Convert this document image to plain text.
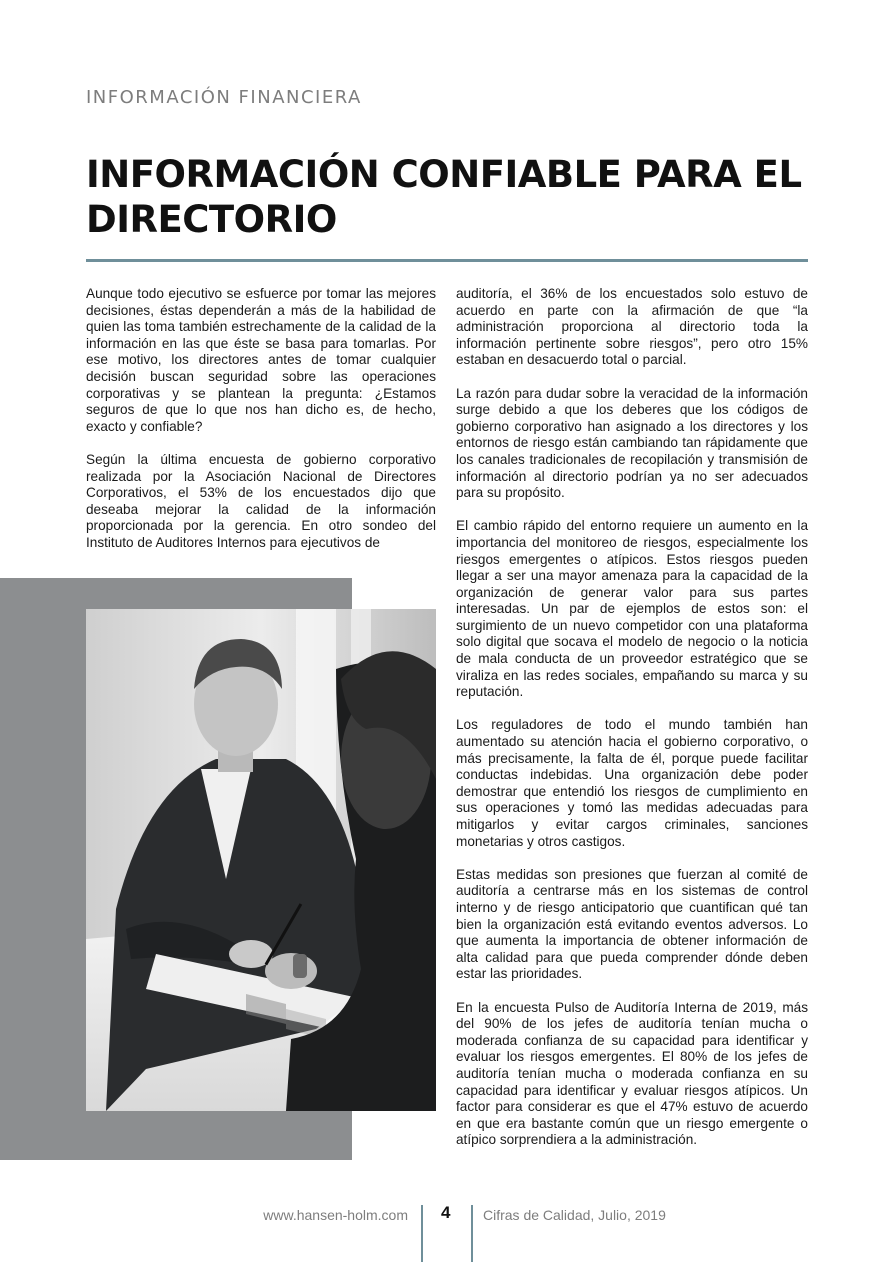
INFORMACIÓN FINANCIERA
INFORMACIÓN CONFIABLE PARA EL DIRECTORIO

Aunque todo ejecutivo se esfuerce por tomar las mejores decisiones, éstas dependerán a más de la habilidad de quien las toma también estrechamente de la calidad de la información en las que éste se basa para tomarlas. Por ese motivo, los directores antes de tomar cualquier decisión buscan seguridad sobre las operaciones corporativas y se plantean la pregunta: ¿Estamos seguros de que lo que nos han dicho es, de hecho, exacto y confiable?

Según la última encuesta de gobierno corporativo realizada por la Asociación Nacional de Directores Corporativos, el 53% de los encuestados dijo que deseaba mejorar la calidad de la información proporcionada por la gerencia. En otro sondeo del Instituto de Auditores Internos para ejecutivos de

auditoría, el 36% de los encuestados solo estuvo de acuerdo en parte con la afirmación de que “la administración proporciona al directorio toda la información pertinente sobre riesgos”, pero otro 15% estaban en desacuerdo total o parcial.

La razón para dudar sobre la veracidad de la información surge debido a que los deberes que los códigos de gobierno corporativo han asignado a los directores y los entornos de riesgo están cambiando tan rápidamente que los canales tradicionales de recopilación y transmisión de información al directorio podrían ya no ser adecuados para su propósito.

El cambio rápido del entorno requiere un aumento en la importancia del monitoreo de riesgos, especialmente los riesgos emergentes o atípicos. Estos riesgos pueden llegar a ser una mayor amenaza para la capacidad de la organización de generar valor para sus partes interesadas. Un par de ejemplos de estos son: el surgimiento de un nuevo competidor con una plataforma solo digital que socava el modelo de negocio o la noticia de mala conducta de un proveedor estratégico que se viraliza en las redes sociales, empañando su marca y su reputación.

Los reguladores de todo el mundo también han aumentado su atención hacia el gobierno corporativo, o más precisamente, la falta de él, porque puede facilitar conductas indebidas. Una organización debe poder demostrar que entendió los riesgos de cumplimiento en sus operaciones y tomó las medidas adecuadas para mitigarlos y evitar cargos criminales, sanciones monetarias y otros castigos.

Estas medidas son presiones que fuerzan al comité de auditoría a centrarse más en los sistemas de control interno y de riesgo anticipatorio que cuantifican qué tan bien la organización está evitando eventos adversos. Lo que aumenta la importancia de obtener información de alta calidad para que pueda comprender dónde deben estar las prioridades.

En la encuesta Pulso de Auditoría Interna de 2019, más del 90% de los jefes de auditoría tenían mucha o moderada confianza de su capacidad para identificar y evaluar los riesgos emergentes. El 80% de los jefes de auditoría tenían mucha o moderada confianza en su capacidad para identificar y evaluar riesgos atípicos. Un factor para considerar es que el 47% estuvo de acuerdo en que era bastante común que un riesgo emergente o atípico sorprendiera a la administración.

www.hansen-holm.com 4 Cifras de Calidad, Julio, 2019
